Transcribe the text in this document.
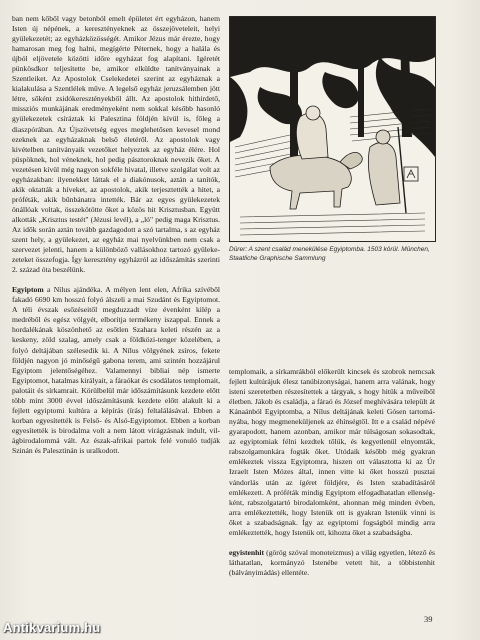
ban nem kőből vagy betonból emelt épületet ért egyházon, hanem Isten új népének, a keresztényeknek az összejöveteleit, helyi gyülekezetét; az egyházközösségét. Amikor Jézus már érezte, hogy hamarosan meg fog halni, megígérte Péternek, hogy a halála és újból eljövetele közötti időre egyházat fog alapítani. Igéretét pünkösdkor teljesítette be, amikor elküldte tanítványainak a Szentleiket. Az Apostolok Cselekedetei szerint az egyháznak a kialakulása a Szentlélek műve. A legelső egyház jeruzsálemben jött létre, sőként zsidókeresztényekből állt. Az apostolok hithirdető, missziós munkájának eredményeként nem sokkal később hasonló gyülekezetek csíráztak ki Palesztina földjén kívül is, főleg a diaszpórában. Az Újszövetség egyes meglehetősen kevesel mond ezeknek az egyházaknak belső életéről. Az apostolok vagy kivételben tanítványaik vezetőket helyeztek az egyház élére. Hol püspöknek, hol véneknek, hol pedig pásztoroknak nevezik őket. A vezetésen kívül még nagyon sokféle hivatal, illetve szolgálat volt az egyházakban: ilyenekket láttak el a diakónusok, aztán a tanítók, akik oktatták a híveket, az apostolok, akik terjesztették a hitet, a próféták, akik bűnbánatra intették. Bár az egyes gyülekezetek önállóak voltak, összekötötte őket a közös hit Krisztusban. Együtt alkották „Krisztus testét" (Jézusi levél), a „ló" pedig maga Krisztus. Az idők során aztán tovább gazdagodott a szó tartalma, s az egyház szent hely, a gyülekezet, az egyház mai nyelvünkben nem csak a szervezet jelenti, hanem a különböző vallásokhoz tartozó gyülekezeteket összefogja. Így keresztény egyházról az időszámítás szerinti 2. század óta beszélünk.

Egyiptom a Nílus ajándéka. A mélyen lent elen, Afrika szívéből fakadó 6690 km hosszú folyó álszeli a mai Szudánt és Egyiptomot. A téli évszak esőzéseitől megduzzadt víze évenként kilép a medréből és egész völgyét, elborítja termékeny iszappal. Ennek a hordalékának köszönhető az esőtlen Szahara keleti részén az a keskeny, zöld szalag, amely csak a földközi-tenger közelében, a folyó deltájában szélesedik ki. A Nílus völgyének zsíros, fekete földjén nagyon jó minőségű gabona terem, ami szintén hozzájárul Egyiptom jelentőségéhez. Valamennyi bibliai nép ismerte Egyiptomot, hatalmas királyait, a fáraókat és csodálatos templomait, palotáit és sírkamrait. Körülbelül már időszámításunk kezdete előtt több mint 3000 évvel időszámításunk kezdete előtt alakult ki a fejlett egyiptomi kultúra a képírás (írás) feltalálásával. Ebben a korban egyesítették is Felső- és Alsó-Egyiptomot. Ebben a korban egyesítették is birodalma volt a nem látott virágzásnak indult, világbirodalommá vált. Az észak-afrikai partok felé vonuló tudják Szinán és Palesztinán is uralkodott.

Dürer: A szent család menekülése Egyiptomba. 1503 körül. München, Staatliche Graphische Sammlung

templomaik, a sírkamrákból előkerült kincsek és szobrok nemcsak fejlett kultúrájuk élesz tanúbizonyságai, hanem arra valának, hogy isteni szeretetben részesítettek a tárgyak, s hogy hitük a műveiből életben. Jákob és családja, a fáraó és József meghívására települt át Kánaánból Egyiptomba, a Nílus deltájának keleti Gósen tartományába, hogy megmeneküljenek az éhínségtől. Itt e a család népévé gyarapodott, hanem azonban, amikor már túlságosan sokasodtak, az egyiptomiak félni kezdtek tőlük, és kegyetlenül elnyomták, rabszolgamunkára fogták őket. Utódaik később még gyakran emlékeztek vissza Egyiptomra, hiszen ott választotta ki az Úr Izraelt Isten Mózes által, innen vitte ki őket hosszú pusztai vándorlás után az ígéret földjére, és Isten szabadításáról emlékezett. A próféták mindig Egyiptom elfogadhatatlan ellenségként, rabszolgatartó birodalomként, ahonnan még minden évben, arra emlékeztették, hogy Istenük ott is gyakran Istenük vinni is őket a szabadságnak. Így az egyiptomi fogságból mindig arra emlékeztették, hogy Istenük ott, kihozta őket a szabadságba.

egyistenhit (görög szóval monoteizmus) a világ egyetlen, létező és láthatatlan, kormányzó Istenébe vetett hit, a többistenhit (bálványimádás) ellentéte.

39
Antikvarium.hu
